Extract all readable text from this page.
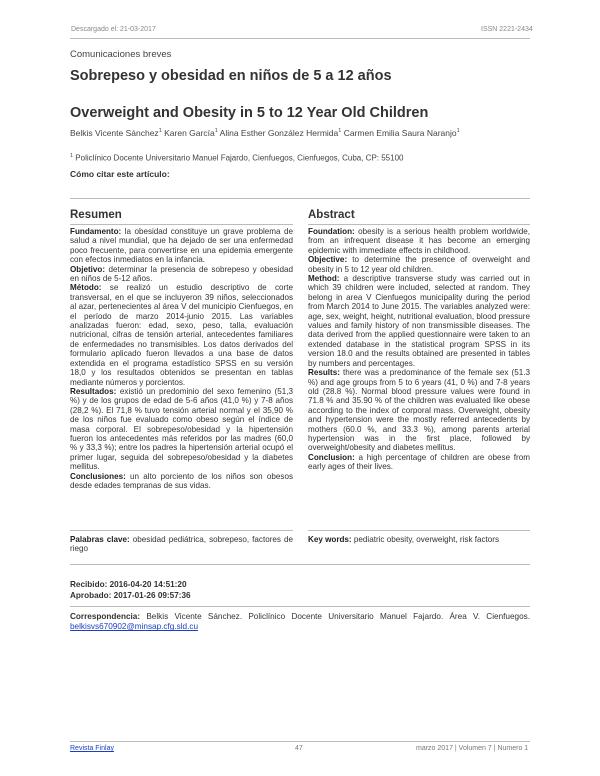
Descargado el: 21-03-2017	ISSN 2221-2434
Comunicaciones breves
Sobrepeso y obesidad en niños de 5 a 12 años
Overweight and Obesity in 5 to 12 Year Old Children
Belkis Vicente Sánchez$^1$ Karen García$^1$ Alina Esther González Hermida$^1$ Carmen Emilia Saura Naranjo$^1$
$^1$ Policlínico Docente Universitario Manuel Fajardo, Cienfuegos, Cienfuegos, Cuba, CP: 55100
Cómo citar este artículo:
Resumen
Fundamento: la obesidad constituye un grave problema de salud a nivel mundial, que ha dejado de ser una enfermedad poco frecuente, para convertirse en una epidemia emergente con efectos inmediatos en la infancia.
Objetivo: determinar la presencia de sobrepeso y obesidad en niños de 5-12 años.
Método: se realizó un estudio descriptivo de corte transversal, en el que se incluyeron 39 niños, seleccionados al azar, pertenecientes al área V del municipio Cienfuegos, en el período de marzo 2014-junio 2015. Las variables analizadas fueron: edad, sexo, peso, talla, evaluación nutricional, cifras de tensión arterial, antecedentes familiares de enfermedades no transmisibles. Los datos derivados del formulario aplicado fueron llevados a una base de datos extendida en el programa estadístico SPSS en su versión 18,0 y los resultados obtenidos se presentan en tablas mediante números y porcientos.
Resultados: existió un predominio del sexo femenino (51,3 %) y de los grupos de edad de 5-6 años (41,0 %) y 7-8 años (28,2 %). El 71,8 % tuvo tensión arterial normal y el 35,90 % de los niños fue evaluado como obeso según el índice de masa corporal. El sobrepeso/obesidad y la hipertensión fueron los antecedentes más referidos por las madres (60,0 % y 33,3 %); entre los padres la hipertensión arterial ocupó el primer lugar, seguida del sobrepeso/obesidad y la diabetes mellitus.
Conclusiones: un alto porciento de los niños son obesos desde edades tempranas de sus vidas.
Palabras clave: obesidad pediátrica, sobrepeso, factores de riego
Abstract
Foundation: obesity is a serious health problem worldwide, from an infrequent disease it has become an emerging epidemic with immediate effects in childhood.
Objective: to determine the presence of overweight and obesity in 5 to 12 year old children.
Method: a descriptive transverse study was carried out in which 39 children were included, selected at random. They belong in area V Cienfuegos municipality during the period from March 2014 to June 2015. The variables analyzed were: age, sex, weight, height, nutritional evaluation, blood pressure values and family history of non transmissible diseases. The data derived from the applied questionnaire were taken to an extended database in the statistical program SPSS in its version 18.0 and the results obtained are presented in tables by numbers and percentages.
Results: there was a predominance of the female sex (51.3 %) and age groups from 5 to 6 years (41, 0 %) and 7-8 years old (28.8 %). Normal blood pressure values were found in 71.8 % and 35.90 % of the children was evaluated like obese according to the index of corporal mass. Overweight, obesity and hypertension were the mostly referred antecedents by mothers (60.0 %, and 33.3 %), among parents arterial hypertension was in the first place, followed by overweight/obesity and diabetes mellitus.
Conclusion: a high percentage of children are obese from early ages of their lives.
Key words: pediatric obesity, overweight, risk factors
Recibido: 2016-04-20 14:51:20
Aprobado: 2017-01-26 09:57:36
Correspondencia: Belkis Vicente Sánchez. Policlínico Docente Universitario Manuel Fajardo. Área V. Cienfuegos. belkisvs670902@minsap.cfg.sld.cu
Revista Finlay	47	marzo 2017 | Volumen 7 | Numero 1
